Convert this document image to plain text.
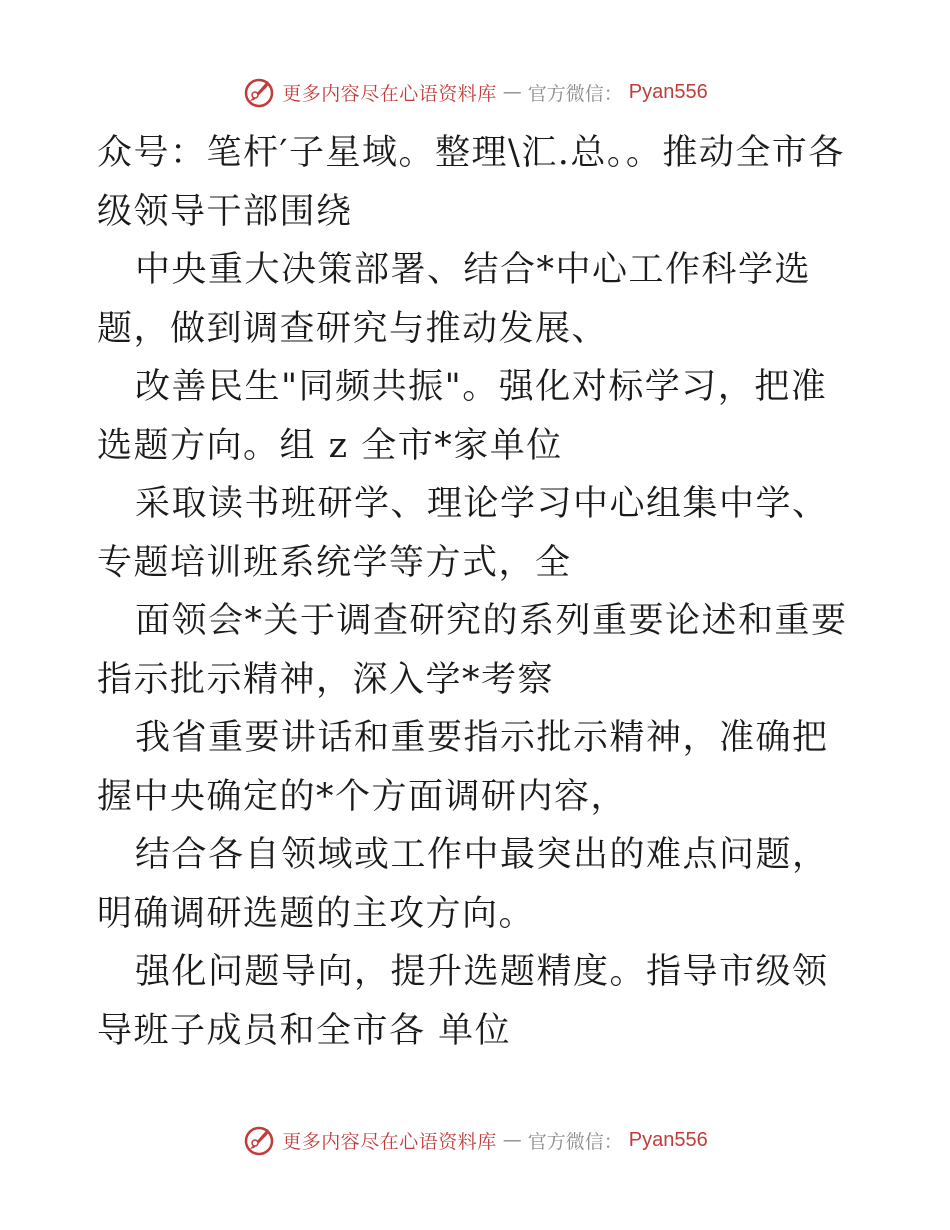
更多内容尽在心语资料库 — 官方微信： Pyan556

众号：笔杆′子星域。整理\汇.总。。推动全市各级领导干部围绕

中央重大决策部署、结合*中心工作科学选题，做到调查研究与推动发展、

改善民生"同频共振"。强化对标学习，把准选题方向。组 z 全市*家单位

采取读书班研学、理论学习中心组集中学、专题培训班系统学等方式，全

面领会*关于调查研究的系列重要论述和重要指示批示精神，深入学*考察

我省重要讲话和重要指示批示精神，准确把握中央确定的*个方面调研内容，

结合各自领域或工作中最突出的难点问题，明确调研选题的主攻方向。

强化问题导向，提升选题精度。指导市级领导班子成员和全市各 单位

更多内容尽在心语资料库 — 官方微信： Pyan556
